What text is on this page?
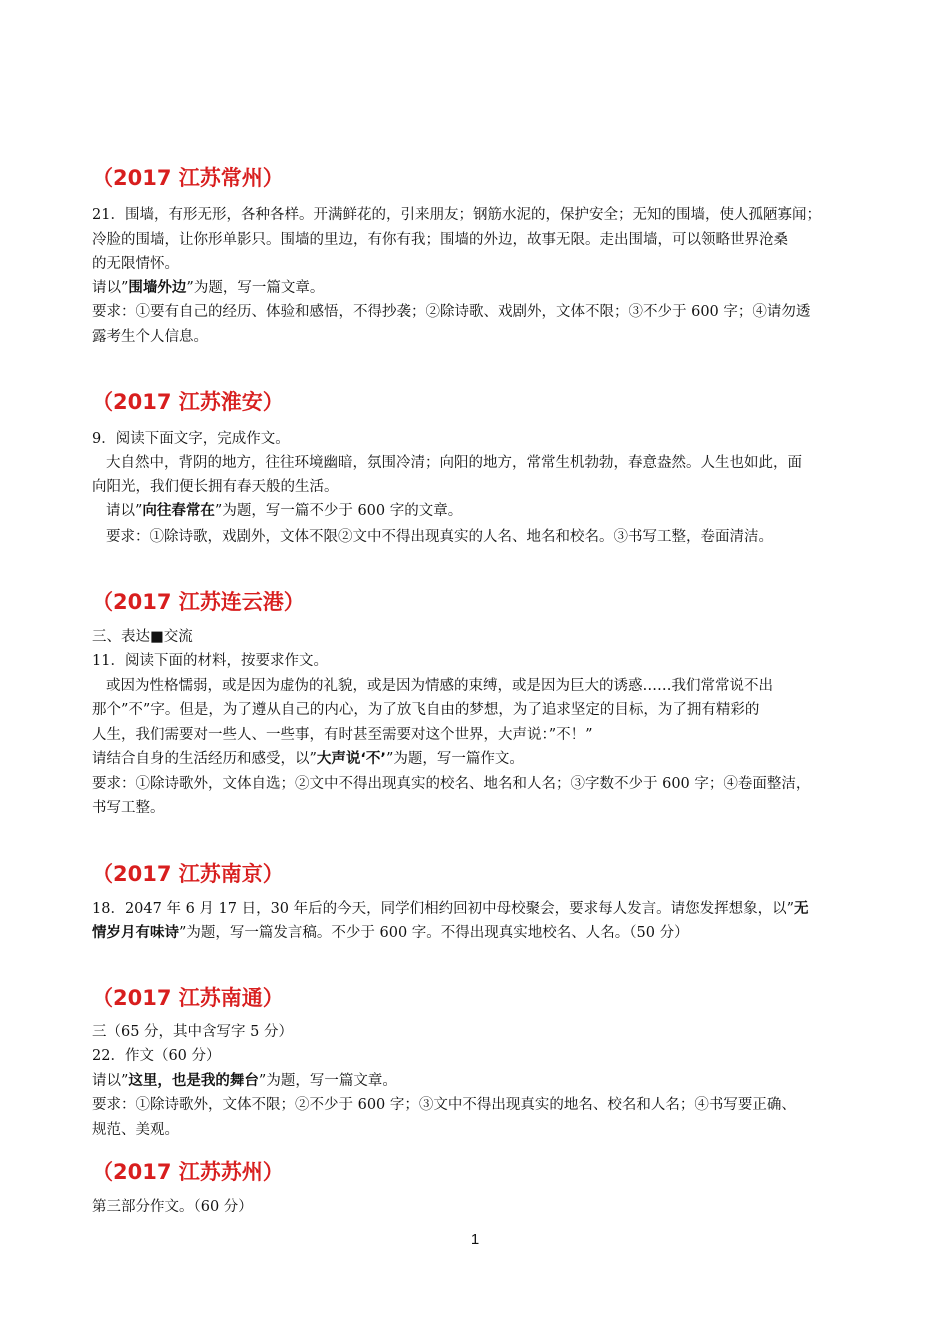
（2017 江苏常州）
21．围墙，有形无形，各种各样。开满鲜花的，引来朋友；钢筋水泥的，保护安全；无知的围墙，使人孤陋寡闻；
冷脸的围墙，让你形单影只。围墙的里边，有你有我；围墙的外边，故事无限。走出围墙，可以领略世界沧桑
的无限情怀。
请以”围墙外边”为题，写一篇文章。
要求：①要有自己的经历、体验和感悟，不得抄袭；②除诗歌、戏剧外，文体不限；③不少于 600 字；④请勿透
露考生个人信息。
（2017 江苏淮安）
9．阅读下面文字，完成作文。
大自然中，背阴的地方，往往环境幽暗，氛围冷清；向阳的地方，常常生机勃勃，春意盎然。人生也如此，面
向阳光，我们便长拥有春天般的生活。
请以”向往春常在”为题，写一篇不少于 600 字的文章。
要求：①除诗歌，戏剧外，文体不限②文中不得出现真实的人名、地名和校名。③书写工整，卷面清洁。
（2017 江苏连云港）
三、表达■交流
11．阅读下面的材料，按要求作文。
或因为性格懦弱，或是因为虚伪的礼貌，或是因为情感的束缚，或是因为巨大的诱惑……我们常常说不出
那个”不”字。但是，为了遵从自己的内心，为了放飞自由的梦想，为了追求坚定的目标，为了拥有精彩的
人生，我们需要对一些人、一些事，有时甚至需要对这个世界，大声说：”不！”
请结合自身的生活经历和感受，以”大声说‘不’”为题，写一篇作文。
要求：①除诗歌外，文体自选；②文中不得出现真实的校名、地名和人名；③字数不少于 600 字；④卷面整洁，
书写工整。
（2017 江苏南京）
18．2047 年 6 月 17 日，30 年后的今天，同学们相约回初中母校聚会，要求每人发言。请您发挥想象，以”无
情岁月有味诗”为题，写一篇发言稿。不少于 600 字。不得出现真实地校名、人名。（50 分）
（2017 江苏南通）
三（65 分，其中含写字 5 分）
22．作文（60 分）
请以”这里，也是我的舞台”为题，写一篇文章。
要求：①除诗歌外，文体不限；②不少于 600 字；③文中不得出现真实的地名、校名和人名；④书写要正确、
规范、美观。
（2017 江苏苏州）
第三部分作文。（60 分）
1
